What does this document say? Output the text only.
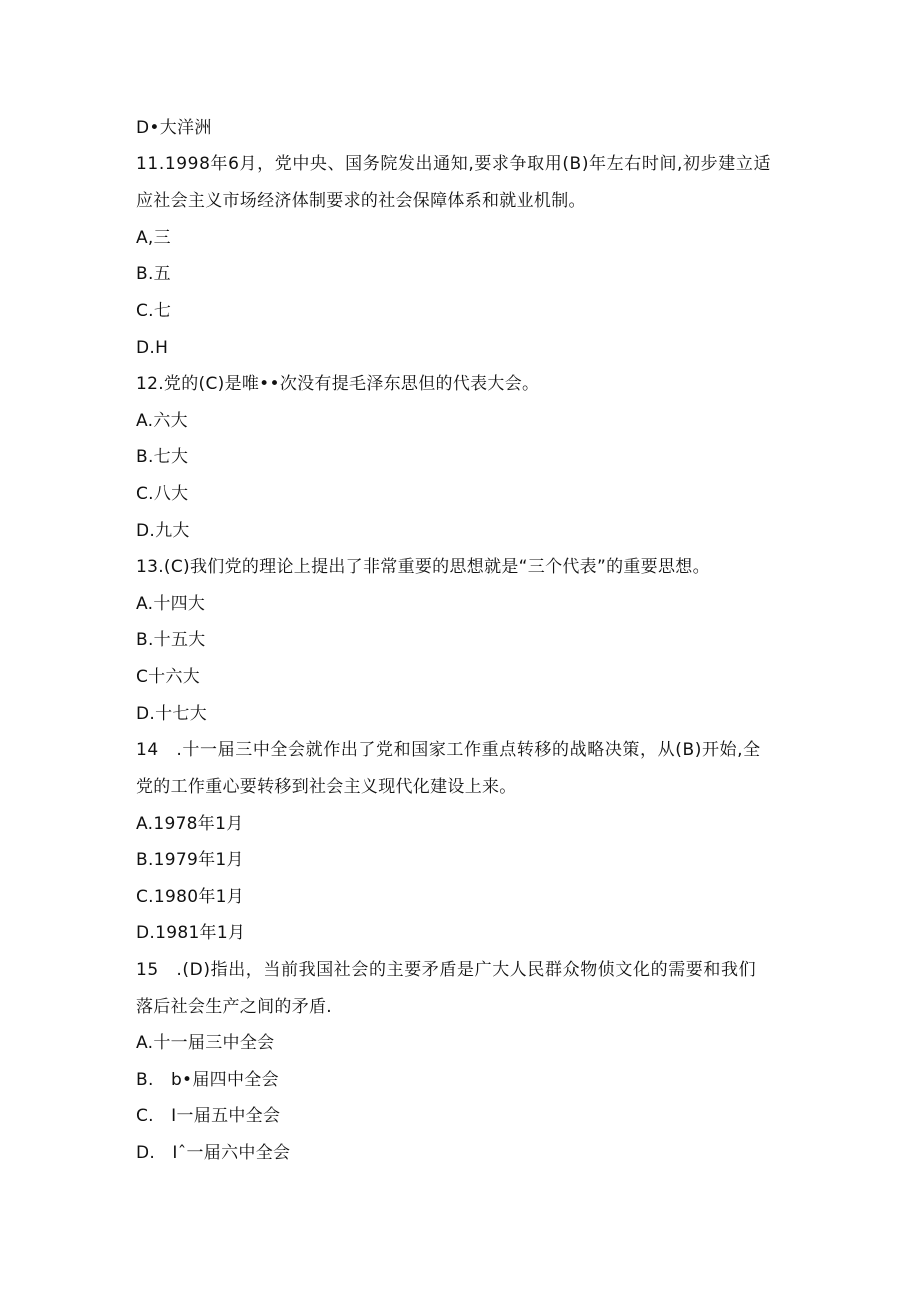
D•大洋洲
11.1998年6月，党中央、国务院发出通知,要求争取用(B)年左右时间,初步建立适
应社会主义市场经济体制要求的社会保障体系和就业机制。
A,三
B.五
C.七
D.H
12.党的(C)是唯••次没有提毛泽东思但的代表大会。
A.六大
B.七大
C.八大
D.九大
13.(C)我们党的理论上提出了非常重要的思想就是“三个代表”的重要思想。
A.十四大
B.十五大
C十六大
D.十七大
14　.十一届三中全会就作出了党和国家工作重点转移的战略决策，从(B)开始,全
党的工作重心要转移到社会主义现代化建设上来。
A.1978年1月
B.1979年1月
C.1980年1月
D.1981年1月
15　.(D)指出，当前我国社会的主要矛盾是广大人民群众物侦文化的需要和我们
落后社会生产之间的矛盾.
A.十一届三中全会
B.　b•届四中全会
C.　I一届五中全会
D.　Iˆ一届六中全会
